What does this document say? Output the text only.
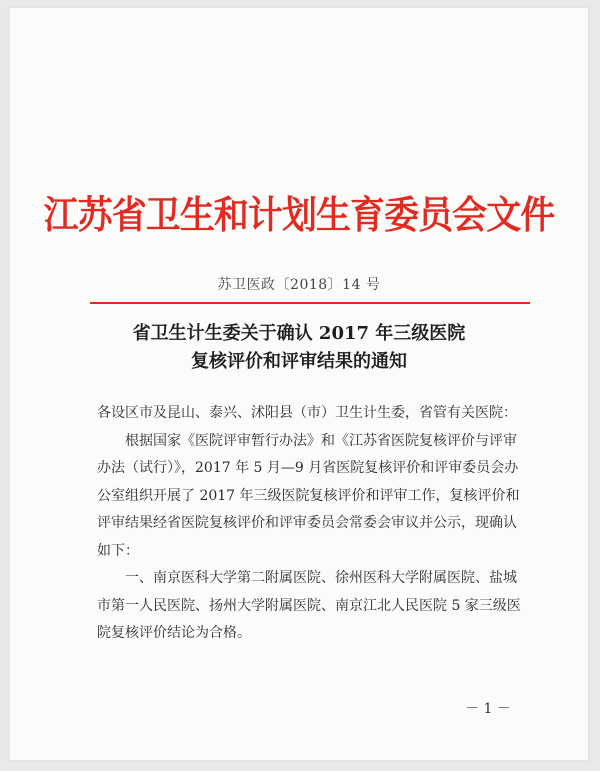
江苏省卫生和计划生育委员会文件
苏卫医政〔2018〕14 号
省卫生计生委关于确认 2017 年三级医院
复核评价和评审结果的通知

各设区市及昆山、泰兴、沭阳县（市）卫生计生委，省管有关医院：

根据国家《医院评审暂行办法》和《江苏省医院复核评价与评审办法（试行）》，2017 年 5 月—9 月省医院复核评价和评审委员会办公室组织开展了 2017 年三级医院复核评价和评审工作，复核评价和评审结果经省医院复核评价和评审委员会常委会审议并公示，现确认如下：

一、南京医科大学第二附属医院、徐州医科大学附属医院、盐城市第一人民医院、扬州大学附属医院、南京江北人民医院 5 家三级医院复核评价结论为合格。

－ 1 －
